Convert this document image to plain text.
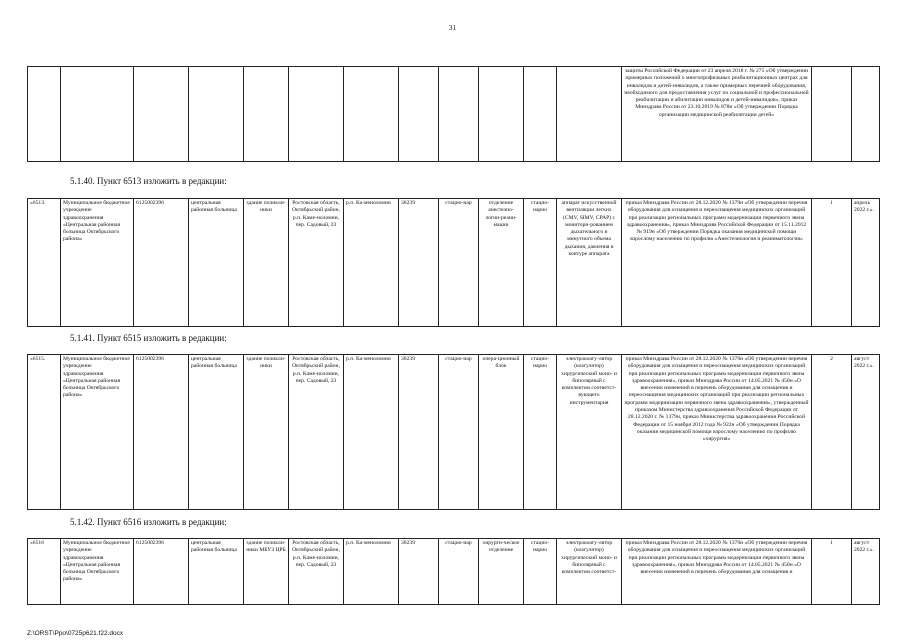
31
												защиты Российской Федерации от 23 апреля 2018 г. № 275 «Об утверждении примерных положений о многопрофильных реабилитационных центрах для инвалидов и детей-инвалидов, а также примерных перечней оборудования, необходимого для предоставления услуг по социальной и профессиональной реабилитации и абилитации инвалидов и детей-инвалидов», приказ Минздрава России от 23.10.2019 № 878н «Об утверждении Порядка организации медицинской реабилитации детей»		
5.1.40. Пункт 6513 изложить в редакции:
«6513.	Муниципальное бюджетное учреждение здравоохранения «Центральная районная больница Октябрьского района»	6125002396	центральная районная больница	здание поликли-ники	Ростовская область, Октябрьский район, р.п. Каме-ноломни, пер. Садовый, 23	р.п. Ка-меноломни	30239	стацио-нар	отделение анестезио-логии-реани-мации	стацио-нарно	аппарат искусственной вентиляции легких (CMV, SIMV, CPAP) с монитори-рованием дыхательного и минутного объема дыхания, давления в контуре аппарата	приказ Минздрава России от 28.12.2020 № 1379н «Об утверждении перечня оборудования для оснащения и переоснащения медицинских организаций при реализации региональных программ модернизации первичного звена здравоохранения», приказ Минздрава Российской Федерации от 15.11.2012 № 919н «Об утверждении Порядка оказания медицинской помощи взрослому населению по профилю «Анестезиология и реаниматология»	1	апрель 2022 г.».
5.1.41. Пункт 6515 изложить в редакции:
«6515.	Муниципальное бюджетное учреждение здравоохранения «Центральная районная больница Октябрьского района»	6125002396	центральная районная больница	здание поликли-ники	Ростовская область, Октябрьский район, р.п. Каме-ноломни, пер. Садовый, 23	р.п. Ка-меноломни	30239	стацио-нар	опера-ционный блок	стацио-нарно	электрокоагу-лятор (коагулятор) хирургический моно- и биполярный с комплектом соответст-вующего инструментария	приказ Минздрава России от 28.12.2020 № 1379н «Об утверждении перечня оборудования для оснащения и переоснащения медицинских организаций при реализации региональных программ модернизации первичного звена здравоохранения», приказ Минздрава России от 14.05.2021 № 450н «О внесении изменений в перечень оборудования для оснащения и переоснащения медицинских организаций при реализации региональных программ модернизации первичного звена здравоохранения», утвержденный приказом Министерства здравоохранения Российской Федерации от 28.12.2020 г. № 1379н, приказ Министерства здравоохранения Российской Федерации от 15 ноября 2012 года № 922н «Об утверждении Порядка оказания медицинской помощи взрослому населению по профилю «хирургия»	2	август 2022 г.».
5.1.42. Пункт 6516 изложить в редакции:
«6516	Муниципальное бюджетное учреждение здравоохранения «Центральная районная больница Октябрьского района»	6125002396	центральная районная больница	здание поликли-ники МБУЗ ЦРБ	Ростовская область, Октябрьский район, р.п. Каме-ноломни, пер. Садовый, 23	р.п. Ка-меноломни	30239	стацио-нар	хирурги-ческое отделение	стацио-нарно	электрокоагу-лятор (коагулятор) хирургический моно- и биполярный с комплектом соответст-	приказ Минздрава России от 28.12.2020 № 1379н «Об утверждении перечня оборудования для оснащения и переоснащения медицинских организаций при реализации региональных программ модернизации первичного звена здравоохранения», приказ Минздрава России от 14.05.2021 № 450н «О внесении изменений в перечень оборудования для оснащения и	1	август 2022 г.».
Z:\ORST\Ppo\0725p621.f22.docx
